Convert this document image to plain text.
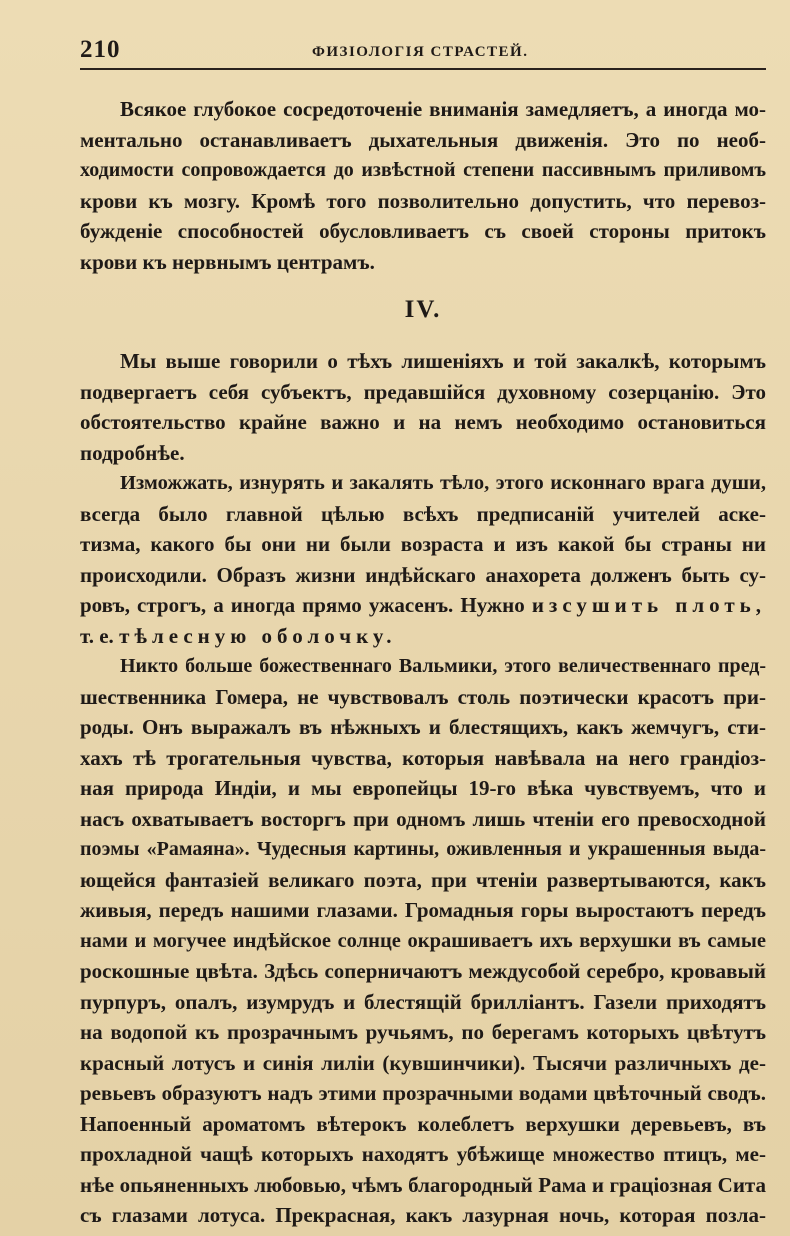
210	ФИЗІОЛОГІЯ СТРАСТЕЙ.
Всякое глубокое сосредоточеніе вниманія замедляетъ, а иногда мо-
ментально останавливаетъ дыхательныя движенія. Это по необ-
ходимости сопровождается до извѣстной степени пассивнымъ приливомъ
крови къ мозгу. Кромѣ того позволительно допустить, что перевоз-
бужденіе способностей обусловливаетъ съ своей стороны притокъ
крови къ нервнымъ центрамъ.
IV.
Мы выше говорили о тѣхъ лишеніяхъ и той закалкѣ, которымъ
подвергаетъ себя субъектъ, предавшійся духовному созерцанію. Это
обстоятельство крайне важно и на немъ необходимо остановиться
подробнѣе.
Изможжать, изнурять и закалять тѣло, этого исконнаго врага души,
всегда было главной цѣлью всѣхъ предписаній учителей аске-
тизма, какого бы они ни были возраста и изъ какой бы страны ни
происходили. Образъ жизни индѣйскаго анахорета долженъ быть су-
ровъ, строгъ, а иногда прямо ужасенъ. Нужно изсушить плоть,
т. е. тѣлесную оболочку.
Никто больше божественнаго Вальмики, этого величественнаго пред-
шественника Гомера, не чувствовалъ столь поэтически красотъ при-
роды. Онъ выражалъ въ нѣжныхъ и блестящихъ, какъ жемчугъ, сти-
хахъ тѣ трогательныя чувства, которыя навѣвала на него грандіоз-
ная природа Индіи, и мы европейцы 19-го вѣка чувствуемъ, что и
насъ охватываетъ восторгъ при одномъ лишь чтеніи его превосходной
поэмы «Рамаяна». Чудесныя картины, оживленныя и украшенныя выда-
ющейся фантазіей великаго поэта, при чтеніи развертываются, какъ
живыя, передъ нашими глазами. Громадныя горы выростаютъ передъ
нами и могучее индѣйское солнце окрашиваетъ ихъ верхушки въ самые
роскошные цвѣта. Здѣсь соперничаютъ междусобой серебро, кровавый
пурпуръ, опалъ, изумрудъ и блестящій брилліантъ. Газели приходятъ
на водопой къ прозрачнымъ ручьямъ, по берегамъ которыхъ цвѣтутъ
красный лотусъ и синія лиліи (кувшинчики). Тысячи различныхъ де-
ревьевъ образуютъ надъ этими прозрачными водами цвѣточный сводъ.
Напоенный ароматомъ вѣтерокъ колеблетъ верхушки деревьевъ, въ
прохладной чащѣ которыхъ находятъ убѣжище множество птицъ, ме-
нѣе опьяненныхъ любовью, чѣмъ благородный Рама и граціозная Сита
съ глазами лотуса. Прекрасная, какъ лазурная ночь, которая позла-
